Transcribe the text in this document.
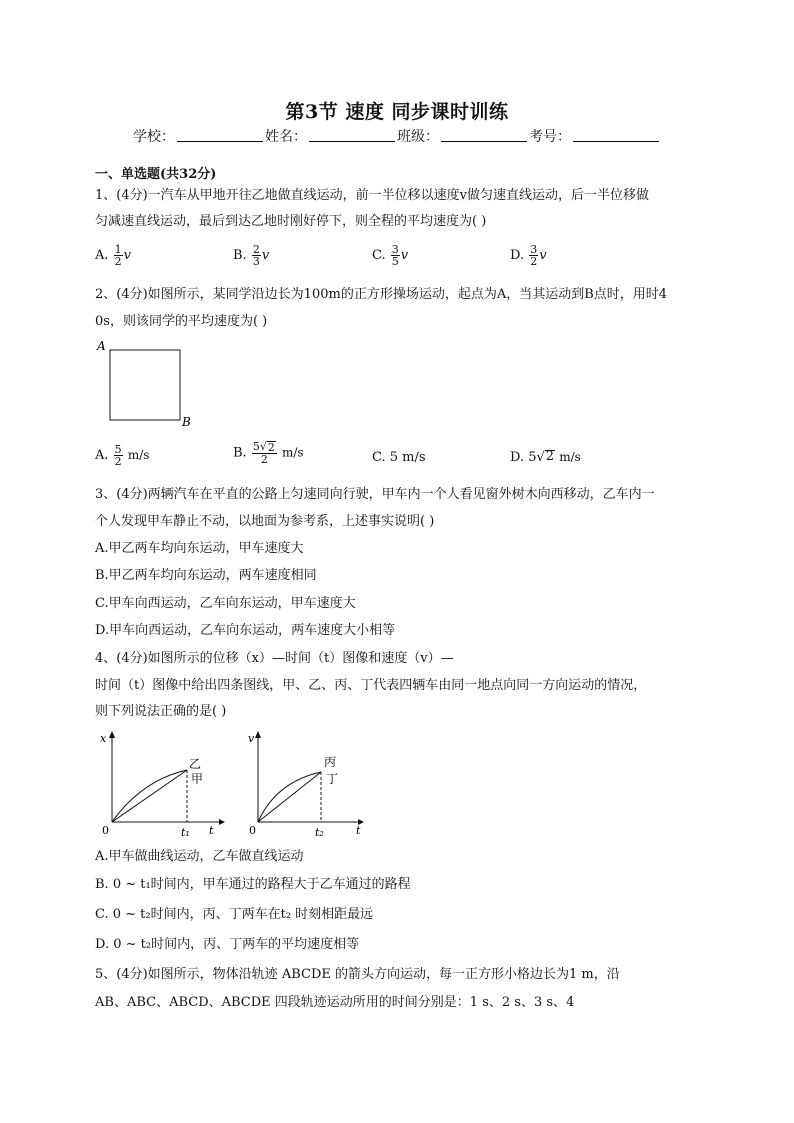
第3节 速度 同步课时训练
学校：	姓名：	班级：	考号：
一、单选题(共32分)
1、(4分)一汽车从甲地开往乙地做直线运动，前一半位移以速度v做匀速直线运动，后一半位移做
匀减速直线运动，最后到达乙地时刚好停下，则全程的平均速度为( )
A. $\frac{1}{2}$ v	B. $\frac{2}{3}$ v	C. $\frac{3}{5}$ v	D. $\frac{3}{2}$ v
2、(4分)如图所示，某同学沿边长为100m的正方形操场运动，起点为A，当其运动到B点时，用时4
0s，则该同学的平均速度为( )
A
B
A. $\frac{5}{2} m/s$	B. $\frac{5√ 2}{2} m/s$	C. 5 m/s	D. 5√ 2 m/s
3、(4分)两辆汽车在平直的公路上匀速同向行驶，甲车内一个人看见窗外树木向西移动，乙车内一
个人发现甲车静止不动，以地面为参考系，上述事实说明( )
A.甲乙两车均向东运动，甲车速度大
B.甲乙两车均向东运动，两车速度相同
C.甲车向西运动，乙车向东运动，甲车速度大
D.甲车向西运动，乙车向东运动，两车速度大小相等
4、(4分)如图所示的位移（x）—时间（t）图像和速度（v）—
时间（t）图像中给出四条图线，甲、乙、丙、丁代表四辆车由同一地点向同一方向运动的情况，
则下列说法正确的是( )
x
t
0	t₁
乙
甲
v
t
0	t₂
丙
丁
A.甲车做曲线运动，乙车做直线运动
B. 0 ~ t₁时间内，甲车通过的路程大于乙车通过的路程
C. 0 ~ t₂时间内，丙、丁两车在t₂ 时刻相距最远
D. 0 ~ t₂时间内，丙、丁两车的平均速度相等
5、(4分)如图所示，物体沿轨迹 ABCDE 的箭头方向运动，每一正方形小格边长为1 m，沿
AB、ABC、ABCD、ABCDE 四段轨迹运动所用的时间分别是：1 s、2 s、3 s、4
